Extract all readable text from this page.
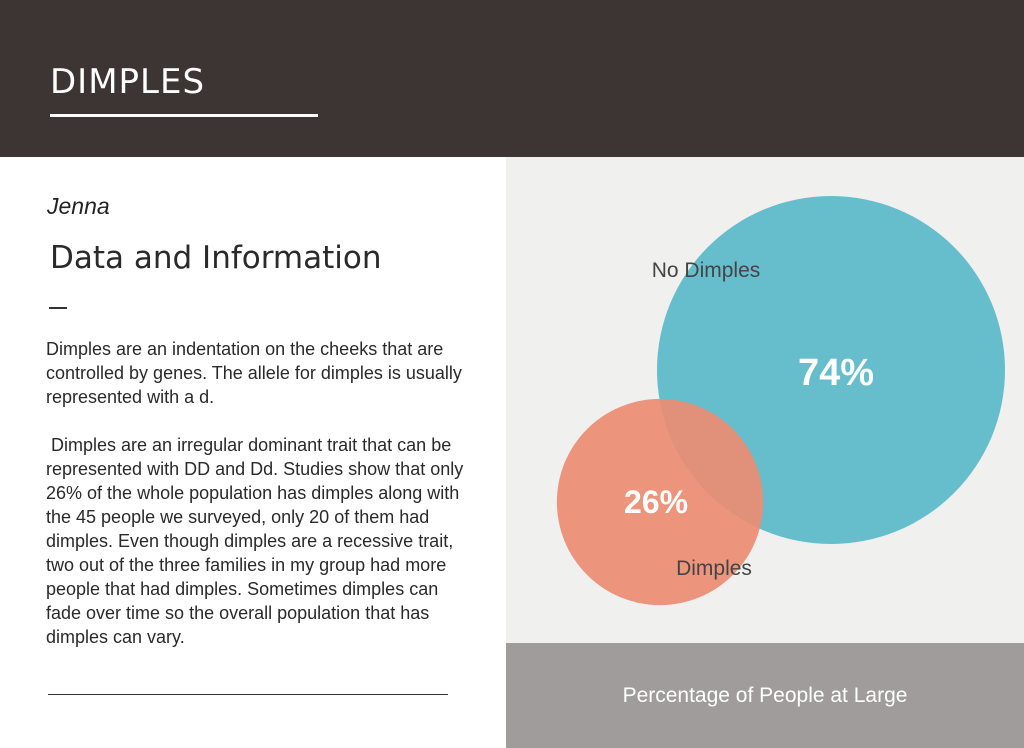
DIMPLES
Jenna
Data and Information

Dimples are an indentation on the cheeks that are controlled by genes. The allele for dimples is usually represented with a d.

Dimples are an irregular dominant trait that can be represented with DD and Dd. Studies show that only 26% of the whole population has dimples along with the 45 people we surveyed, only 20 of them had dimples. Even though dimples are a recessive trait, two out of the three families in my group had more people that had dimples. Sometimes dimples can fade over time so the overall population that has dimples can vary.

74%
26%
No Dimples
Dimples
Percentage of People at Large
